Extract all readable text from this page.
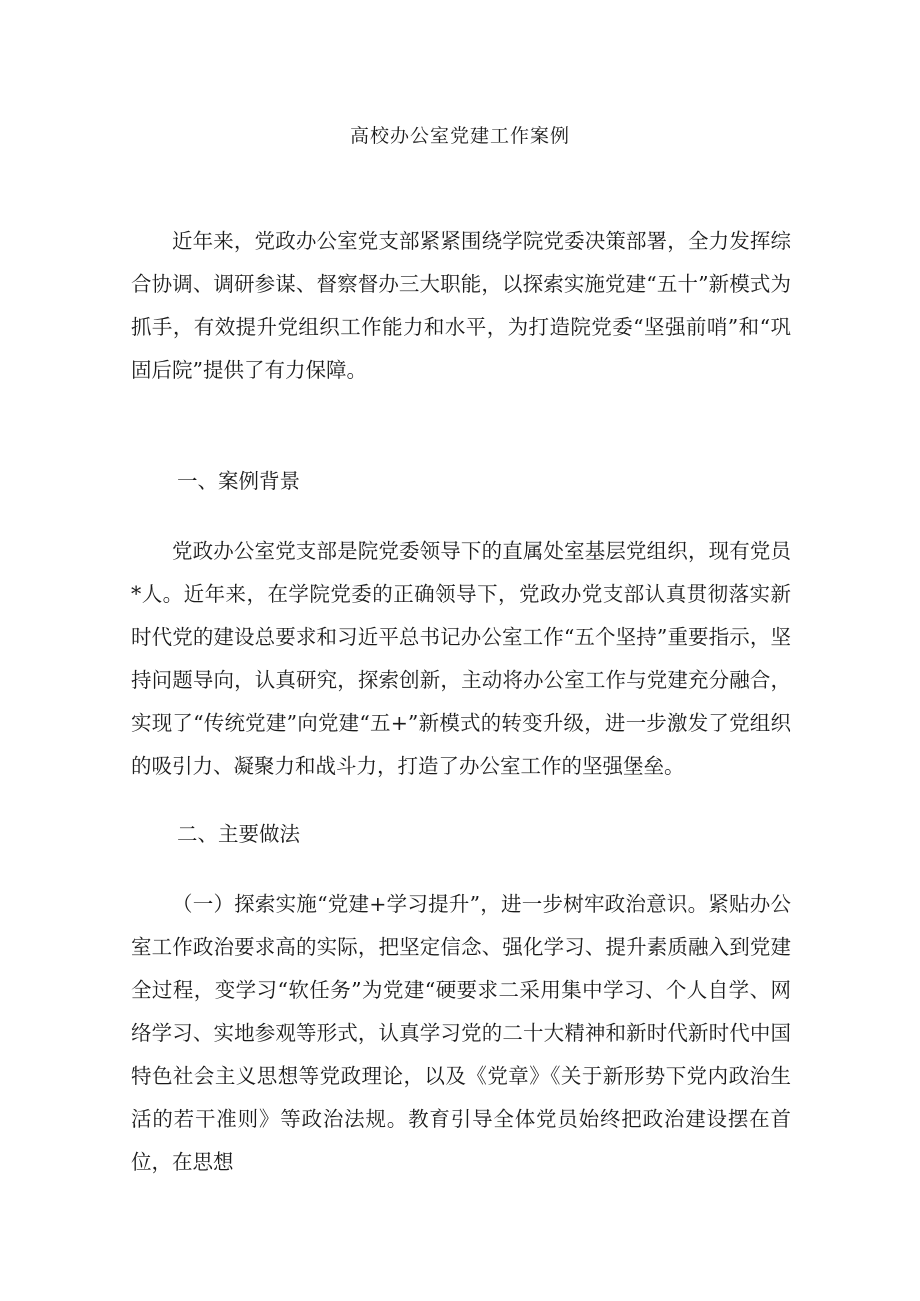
高校办公室党建工作案例

近年来，党政办公室党支部紧紧围绕学院党委决策部署，全力发挥综合协调、调研参谋、督察督办三大职能，以探索实施党建“五十”新模式为抓手，有效提升党组织工作能力和水平，为打造院党委“坚强前哨”和“巩固后院”提供了有力保障。

一、案例背景

党政办公室党支部是院党委领导下的直属处室基层党组织，现有党员*人。近年来，在学院党委的正确领导下，党政办党支部认真贯彻落实新时代党的建设总要求和习近平总书记办公室工作“五个坚持”重要指示，坚持问题导向，认真研究，探索创新，主动将办公室工作与党建充分融合，实现了“传统党建”向党建“五+”新模式的转变升级，进一步激发了党组织的吸引力、凝聚力和战斗力，打造了办公室工作的坚强堡垒。

二、主要做法

（一）探索实施“党建+学习提升”，进一步树牢政治意识。紧贴办公室工作政治要求高的实际，把坚定信念、强化学习、提升素质融入到党建全过程，变学习“软任务”为党建“硬要求二采用集中学习、个人自学、网络学习、实地参观等形式，认真学习党的二十大精神和新时代新时代中国特色社会主义思想等党政理论，以及《党章》《关于新形势下党内政治生活的若干准则》等政治法规。教育引导全体党员始终把政治建设摆在首位，在思想
